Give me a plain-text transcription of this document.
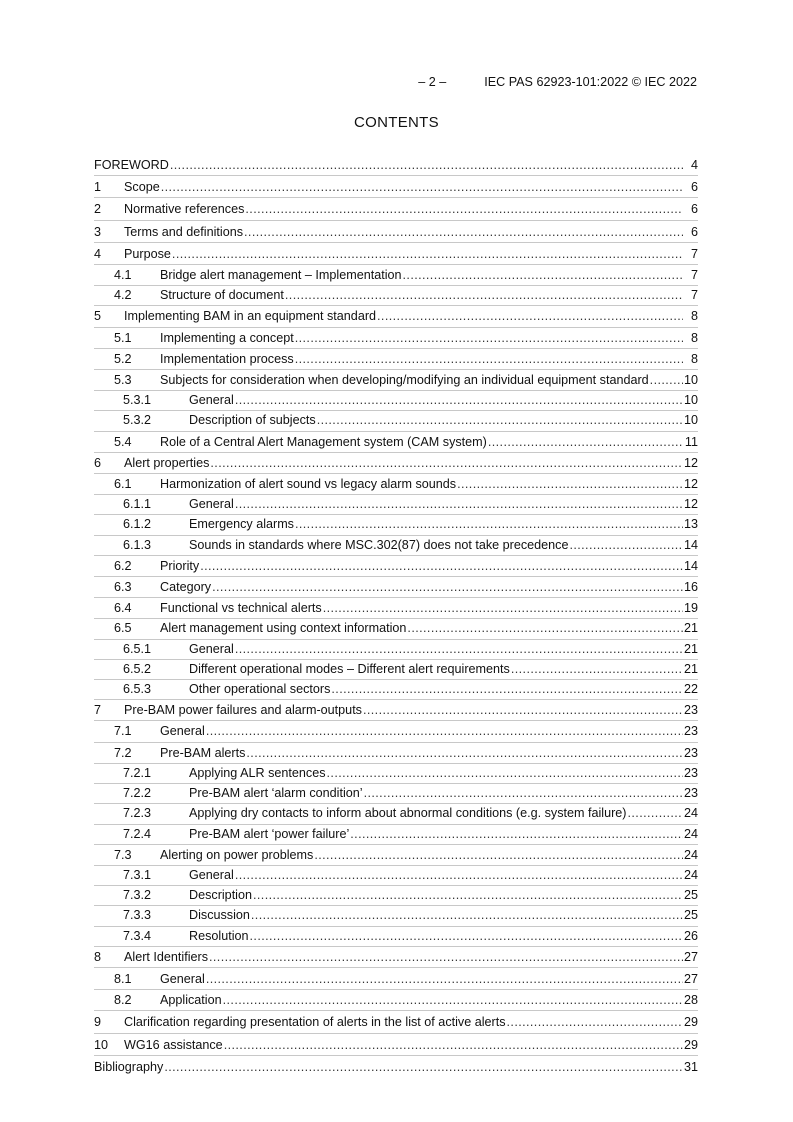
– 2 –	IEC PAS 62923-101:2022 © IEC 2022
CONTENTS
FOREWORD .....	4
1	Scope .....	6
2	Normative references .....	6
3	Terms and definitions .....	6
4	Purpose .....	7
4.1	Bridge alert management – Implementation .....	7
4.2	Structure of document .....	7
5	Implementing BAM in an equipment standard .....	8
5.1	Implementing a concept .....	8
5.2	Implementation process .....	8
5.3	Subjects for consideration when developing/modifying an individual equipment standard .....	10
5.3.1	General .....	10
5.3.2	Description of subjects .....	10
5.4	Role of a Central Alert Management system (CAM system) .....	11
6	Alert properties .....	12
6.1	Harmonization of alert sound vs legacy alarm sounds .....	12
6.1.1	General .....	12
6.1.2	Emergency alarms .....	13
6.1.3	Sounds in standards where MSC.302(87) does not take precedence .....	14
6.2	Priority .....	14
6.3	Category .....	16
6.4	Functional vs technical alerts .....	19
6.5	Alert management using context information .....	21
6.5.1	General .....	21
6.5.2	Different operational modes – Different alert requirements .....	21
6.5.3	Other operational sectors .....	22
7	Pre-BAM power failures and alarm-outputs .....	23
7.1	General .....	23
7.2	Pre-BAM alerts .....	23
7.2.1	Applying ALR sentences .....	23
7.2.2	Pre-BAM alert ‘alarm condition’ .....	23
7.2.3	Applying dry contacts to inform about abnormal conditions (e.g. system failure) .....	24
7.2.4	Pre-BAM alert ‘power failure’ .....	24
7.3	Alerting on power problems .....	24
7.3.1	General .....	24
7.3.2	Description .....	25
7.3.3	Discussion .....	25
7.3.4	Resolution .....	26
8	Alert Identifiers .....	27
8.1	General .....	27
8.2	Application .....	28
9	Clarification regarding presentation of alerts in the list of active alerts .....	29
10	WG16 assistance .....	29
Bibliography .....	31
